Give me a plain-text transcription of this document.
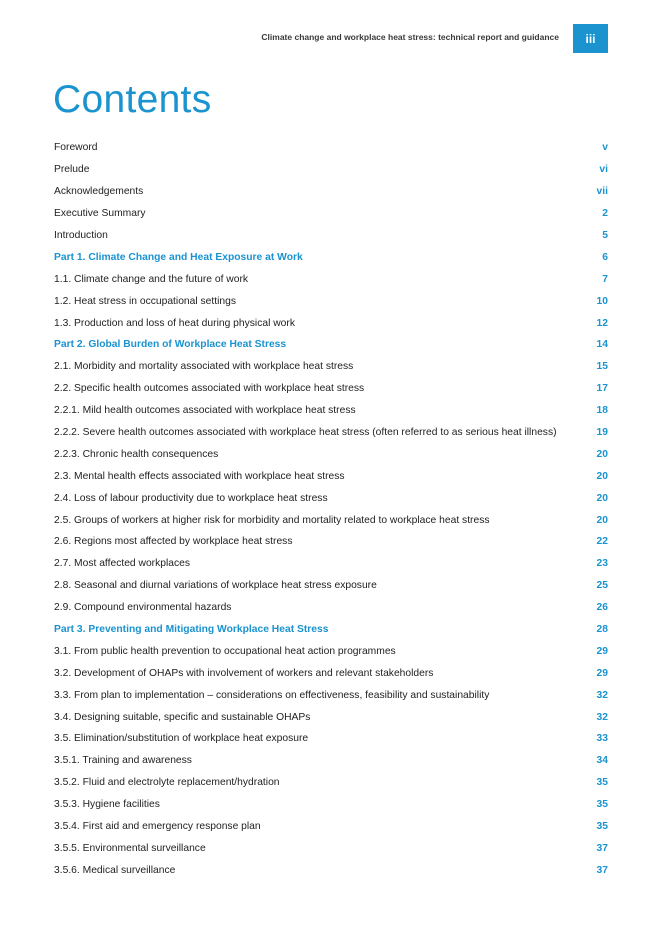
Climate change and workplace heat stress: technical report and guidance	iii
Contents
Foreword	v
Prelude	vi
Acknowledgements	vii
Executive Summary	2
Introduction	5
Part 1. Climate Change and Heat Exposure at Work	6
1.1. Climate change and the future of work	7
1.2. Heat stress in occupational settings	10
1.3. Production and loss of heat during physical work	12
Part 2. Global Burden of Workplace Heat Stress	14
2.1. Morbidity and mortality associated with workplace heat stress	15
2.2. Specific health outcomes associated with workplace heat stress	17
2.2.1. Mild health outcomes associated with workplace heat stress	18
2.2.2. Severe health outcomes associated with workplace heat stress (often referred to as serious heat illness)	19
2.2.3. Chronic health consequences	20
2.3. Mental health effects associated with workplace heat stress	20
2.4. Loss of labour productivity due to workplace heat stress	20
2.5. Groups of workers at higher risk for morbidity and mortality related to workplace heat stress	20
2.6. Regions most affected by workplace heat stress	22
2.7. Most affected workplaces	23
2.8. Seasonal and diurnal variations of workplace heat stress exposure	25
2.9. Compound environmental hazards	26
Part 3. Preventing and Mitigating Workplace Heat Stress	28
3.1. From public health prevention to occupational heat action programmes	29
3.2. Development of OHAPs with involvement of workers and relevant stakeholders	29
3.3. From plan to implementation – considerations on effectiveness, feasibility and sustainability	32
3.4. Designing suitable, specific and sustainable OHAPs	32
3.5. Elimination/substitution of workplace heat exposure	33
3.5.1. Training and awareness	34
3.5.2. Fluid and electrolyte replacement/hydration	35
3.5.3. Hygiene facilities	35
3.5.4. First aid and emergency response plan	35
3.5.5. Environmental surveillance	37
3.5.6. Medical surveillance	37
